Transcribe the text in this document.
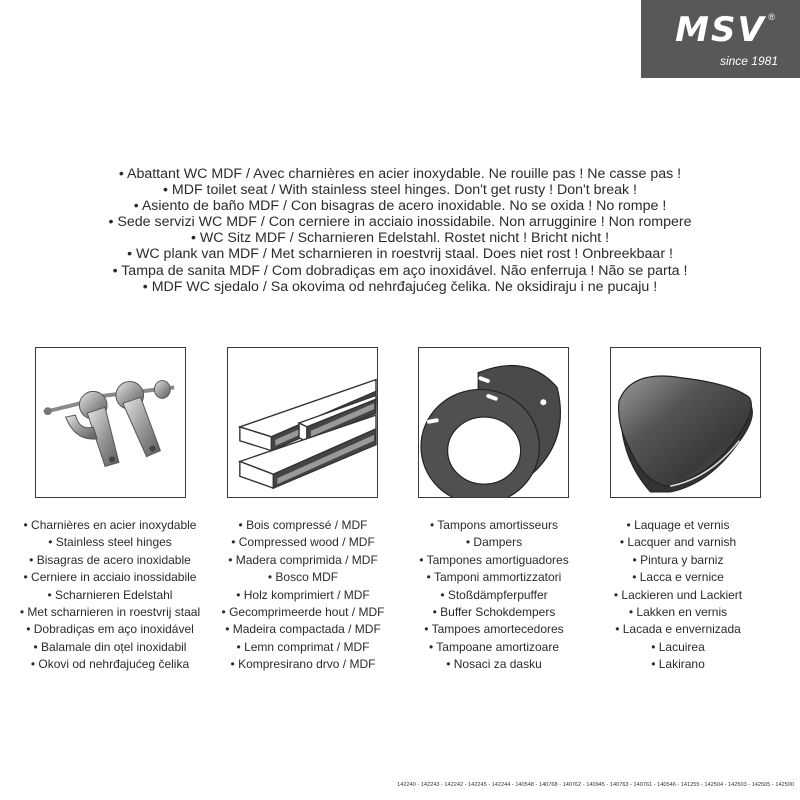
MSV ®
since 1981
• Abattant WC MDF / Avec charnières en acier inoxydable. Ne rouille pas ! Ne casse pas !
• MDF toilet seat / With stainless steel hinges. Don't get rusty ! Don't break !
• Asiento de baño MDF / Con bisagras de acero inoxidable. No se oxida ! No rompe !
• Sede servizi WC MDF / Con cerniere in acciaio inossidabile. Non arrugginire ! Non rompere
• WC Sitz MDF / Scharnieren Edelstahl. Rostet nicht ! Bricht nicht !
• WC plank van MDF / Met scharnieren in roestvrij staal. Does niet rost ! Onbreekbaar !
• Tampa de sanita MDF / Com dobradiças em aço inoxidável. Não enferruja ! Não se parta !
• MDF WC sjedalo / Sa okovima od nehrđajućeg čelika. Ne oksidiraju i ne pucaju !
• Charnières en acier inoxydable
• Stainless steel hinges
• Bisagras de acero inoxidable
• Cerniere in acciaio inossidabile
• Scharnieren Edelstahl
• Met scharnieren in roestvrij staal
• Dobradiças em aço inoxidável
• Balamale din oțel inoxidabil
• Okovi od nehrđajućeg čelika
• Bois compressé / MDF
• Compressed wood / MDF
• Madera comprimida / MDF
• Bosco MDF
• Holz komprimiert / MDF
• Gecomprimeerde hout / MDF
• Madeira compactada / MDF
• Lemn comprimat / MDF
• Kompresirano drvo / MDF
• Tampons amortisseurs
• Dampers
• Tampones amortiguadores
• Tamponi ammortizzatori
• Stoßdämpferpuffer
• Buffer Schokdempers
• Tampoes amortecedores
• Tampoane amortizoare
• Nosaci za dasku
• Laquage et vernis
• Lacquer and varnish
• Pintura y barniz
• Lacca e vernice
• Lackieren und Lackiert
• Lakken en vernis
• Lacada e envernizada
• Lacuirea
• Lakirano
142240 - 142243 - 142242 - 142245 - 142244 - 140548 - 140768 - 140762 - 140945 - 140763 - 140761 - 140546 - 141255 - 142504 - 142503 - 142505 - 142500
